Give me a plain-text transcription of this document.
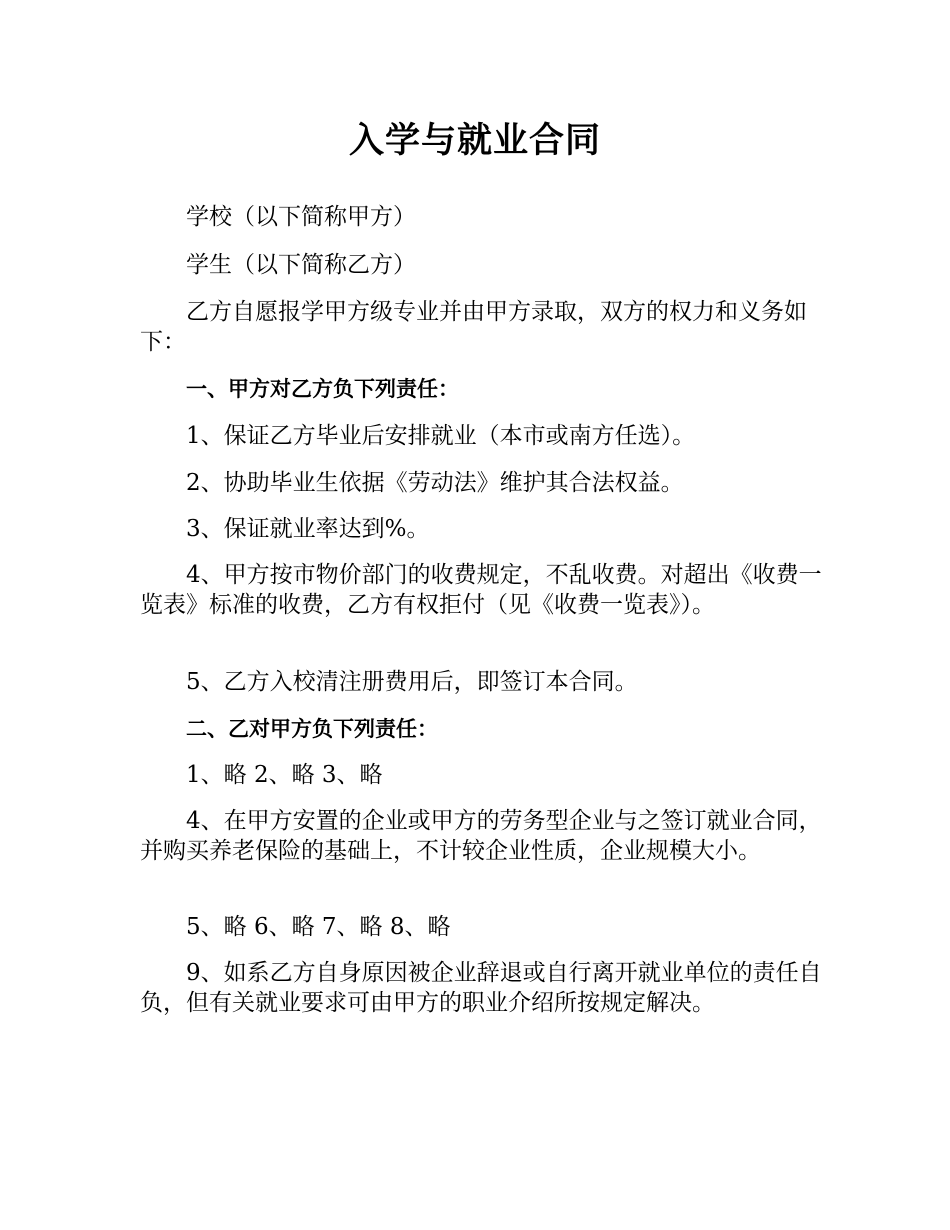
入学与就业合同
学校（以下简称甲方）
学生（以下简称乙方）
乙方自愿报学甲方级专业并由甲方录取，双方的权力和义务如下：
一、甲方对乙方负下列责任：
1、保证乙方毕业后安排就业（本市或南方任选）。
2、协助毕业生依据《劳动法》维护其合法权益。
3、保证就业率达到%。
4、甲方按市物价部门的收费规定，不乱收费。对超出《收费一览表》标准的收费，乙方有权拒付（见《收费一览表》）。
5、乙方入校清注册费用后，即签订本合同。
二、乙对甲方负下列责任：
1、略 2、略 3、略
4、在甲方安置的企业或甲方的劳务型企业与之签订就业合同，并购买养老保险的基础上，不计较企业性质，企业规模大小。
5、略 6、略 7、略 8、略
9、如系乙方自身原因被企业辞退或自行离开就业单位的责任自负，但有关就业要求可由甲方的职业介绍所按规定解决。
